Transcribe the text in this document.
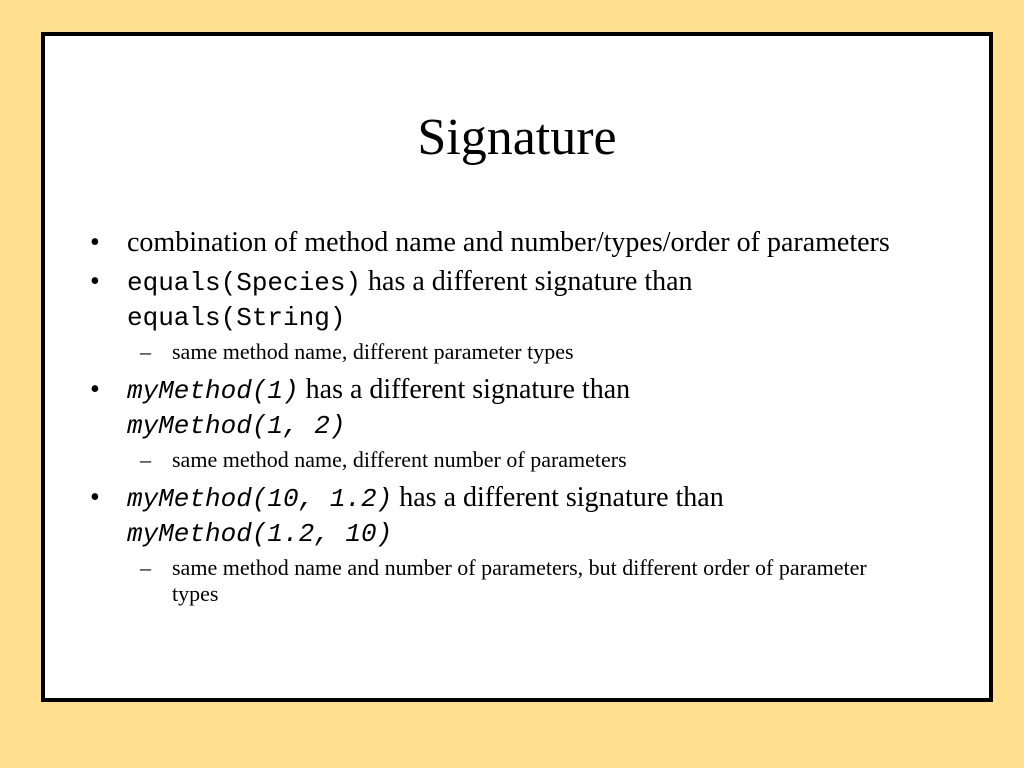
Signature
• combination of method name and number/types/order of parameters
• equals(Species) has a different signature than
equals(String)
– same method name, different parameter types
• myMethod(1) has a different signature than
myMethod(1, 2)
– same method name, different number of parameters
• myMethod(10, 1.2) has a different signature than
myMethod(1.2, 10)
– same method name and number of parameters, but different order of parameter types
